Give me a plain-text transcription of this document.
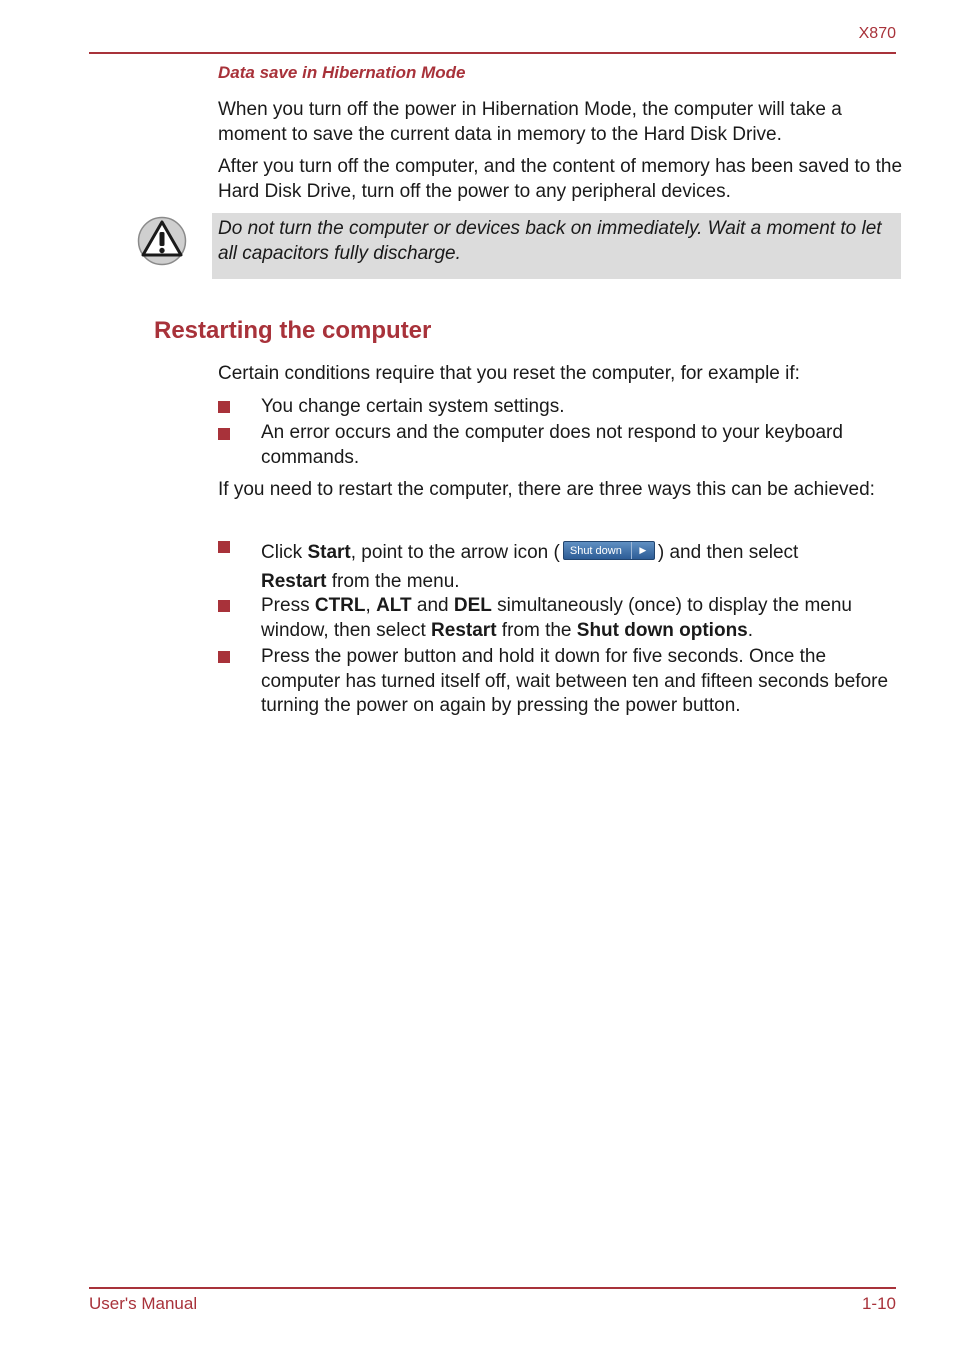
X870
Data save in Hibernation Mode
When you turn off the power in Hibernation Mode, the computer will take a moment to save the current data in memory to the Hard Disk Drive.
After you turn off the computer, and the content of memory has been saved to the Hard Disk Drive, turn off the power to any peripheral devices.
Do not turn the computer or devices back on immediately. Wait a moment to let all capacitors fully discharge.
Restarting the computer
Certain conditions require that you reset the computer, for example if:
You change certain system settings.
An error occurs and the computer does not respond to your keyboard commands.
If you need to restart the computer, there are three ways this can be achieved:
Click Start, point to the arrow icon ( Shut down	▶ ) and then select
Restart from the menu.
Press CTRL, ALT and DEL simultaneously (once) to display the menu window, then select Restart from the Shut down options.
Press the power button and hold it down for five seconds. Once the computer has turned itself off, wait between ten and fifteen seconds before turning the power on again by pressing the power button.
User's Manual	1-10
